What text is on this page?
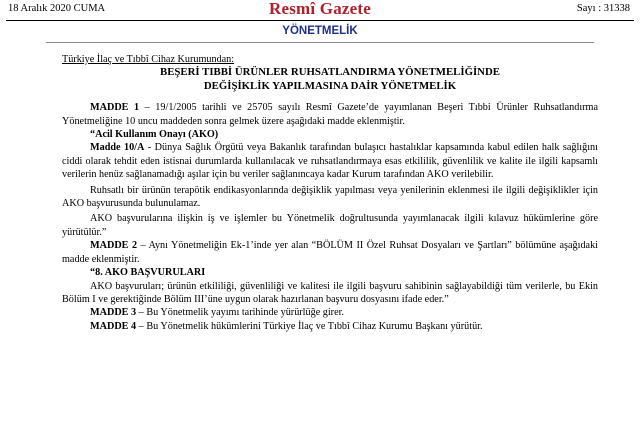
18 Aralık 2020 CUMA	Resmî Gazete	Sayı : 31338
YÖNETMELİK
Türkiye İlaç ve Tıbbî Cihaz Kurumundan:
BEŞERİ TIBBİ ÜRÜNLER RUHSATLANDIRMA YÖNETMELİĞİNDE
DEĞİŞİKLİK YAPILMASINA DAİR YÖNETMELİK
MADDE 1 – 19/1/2005 tarihli ve 25705 sayılı Resmî Gazete’de yayımlanan Beşeri Tıbbi Ürünler Ruhsatlandırma Yönetmeliğine 10 uncu maddeden sonra gelmek üzere aşağıdaki madde eklenmiştir.
“Acil Kullanım Onayı (AKO)
Madde 10/A - Dünya Sağlık Örgütü veya Bakanlık tarafından bulaşıcı hastalıklar kapsamında kabul edilen halk sağlığını ciddi olarak tehdit eden istisnai durumlarda kullanılacak ve ruhsatlandırmaya esas etkililik, güvenlilik ve kalite ile ilgili kapsamlı verilerin henüz sağlanamadığı aşılar için bu veriler sağlanıncaya kadar Kurum tarafından AKO verilebilir.
Ruhsatlı bir ürünün terapötik endikasyonlarında değişiklik yapılması veya yenilerinin eklenmesi ile ilgili değişiklikler için AKO başvurusunda bulunulamaz.
AKO başvurularına ilişkin iş ve işlemler bu Yönetmelik doğrultusunda yayımlanacak ilgili kılavuz hükümlerine göre yürütülür.”
MADDE 2 – Aynı Yönetmeliğin Ek-1’inde yer alan “BÖLÜM II Özel Ruhsat Dosyaları ve Şartları” bölümüne aşağıdaki madde eklenmiştir.
“8. AKO BAŞVURULARI
AKO başvuruları; ürünün etkililiği, güvenliliği ve kalitesi ile ilgili başvuru sahibinin sağlayabildiği tüm verilerle, bu Ekin Bölüm I ve gerektiğinde Bölüm III’üne uygun olarak hazırlanan başvuru dosyasını ifade eder.”
MADDE 3 – Bu Yönetmelik yayımı tarihinde yürürlüğe girer.
MADDE 4 – Bu Yönetmelik hükümlerini Türkiye İlaç ve Tıbbî Cihaz Kurumu Başkanı yürütür.
